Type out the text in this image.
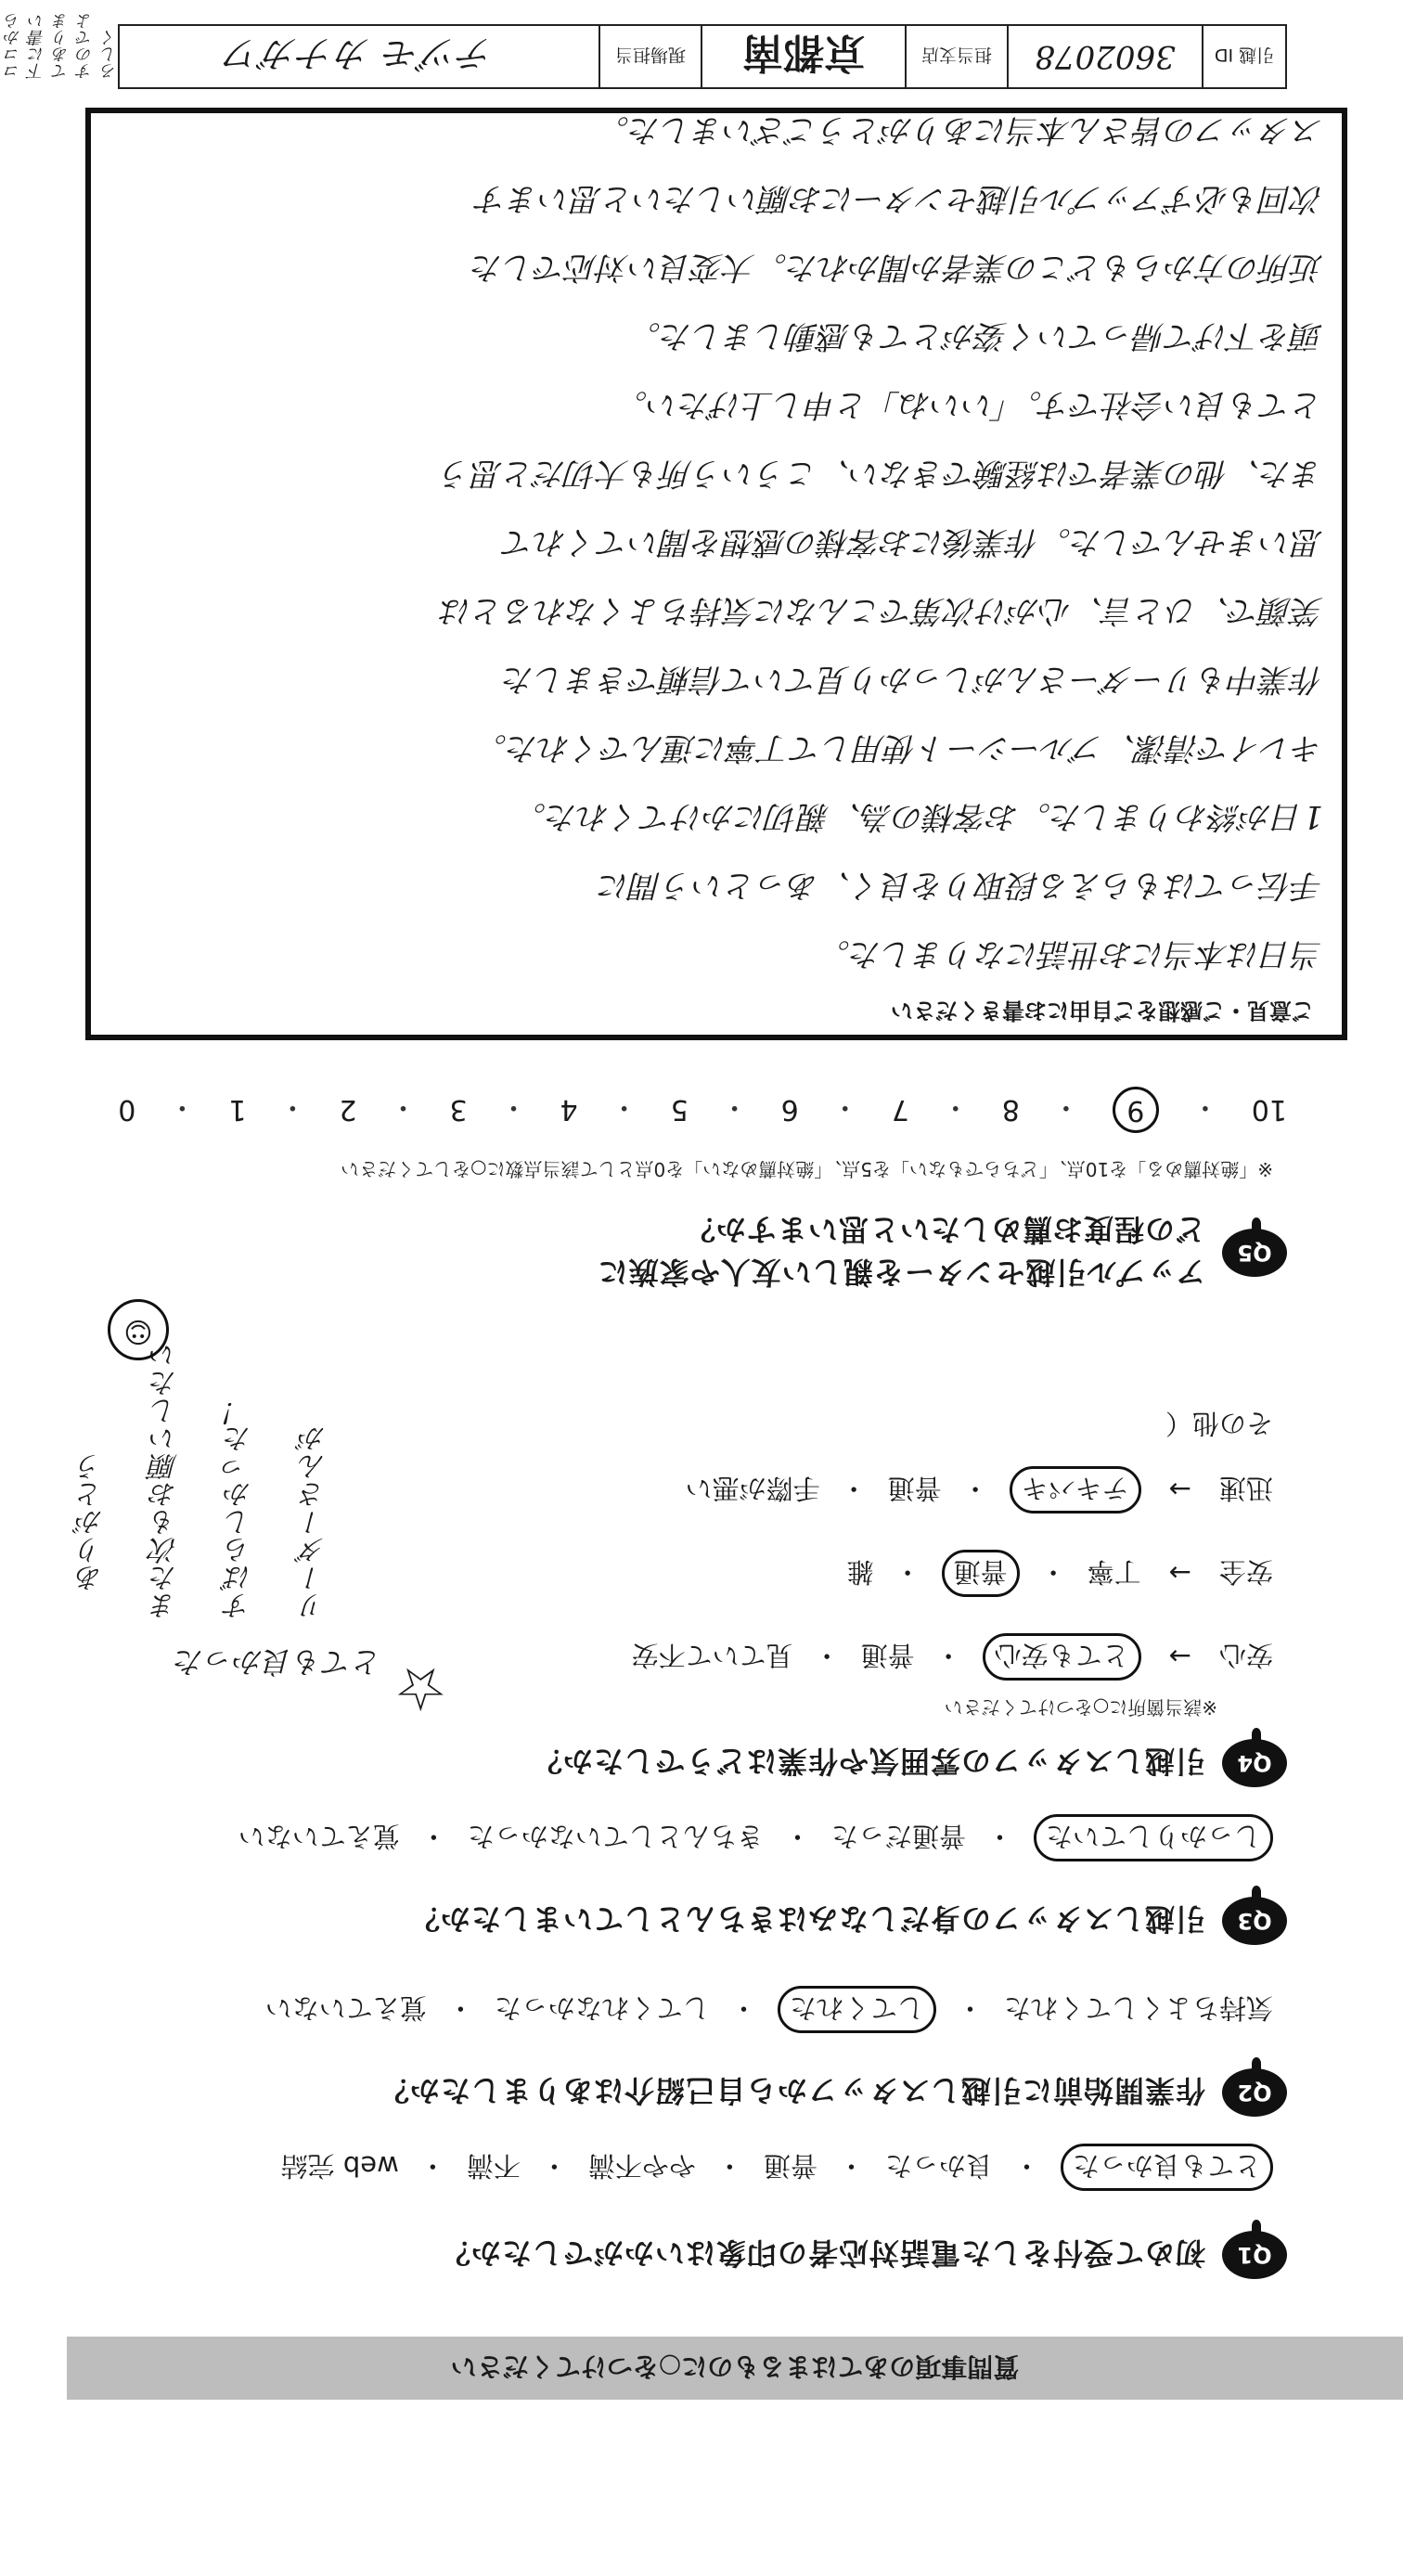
引越 ID
3602078
担当支店
京都南
現場担当
テヅモ カナガワ
ココから下に書いてありますのでよろしく
ご意見・ご感想をご自由にお書きください
当日は本当にお世話になりました。
手伝ってはもらえる段取りを良く、あっという間に
1日が終わりました。お客様の為、親切にかけてくれた。
キレイで清潔、ブルーシート使用して丁寧に運んでくれた。
作業中もリーダーさんがしっかり見ていて信頼できました
笑顔で、ひと言、心がけ次第でこんなに気持ちよくなれるとは
思いませんでした。作業後にお客様の感想を聞いてくれて
また、他の業者では経験できない、こういう所も大切だと思う
とても良い会社です。「いいね」と申し上げたい。
頭を下げて帰っていく姿がとても感動しました。
近所の方からもどこの業者か聞かれた。大変良い対応でした
次回も必ずアップル引越センターにお願いしたいと思います
スタッフの皆さん本当にありがとうございました。
10
・
9
・
8
・
7
・
6
・
5
・
4
・
3
・
2
・
1
・
0
※「絶対薦める」を10点、「どちらでもない」を5点、「絶対薦めない」を0点として該当点数に○をしてください
Q5
アップル引越センターを親しい友人や家族に
どの程度お薦めしたいと思いますか？
その他（
迅速
→
テキパキ
・
普通
・
手際が悪い
安全
→
丁寧
・
普通
・
雑
安心
→
とても安心
・
普通
・
見ていて不安
※該当箇所に○をつけてください
Q4
引越しスタッフの雰囲気や作業はどうでしたか？
しっかりしていた
・
普通だった
・
きちんとしていなかった
・
覚えていない
Q3
引越しスタッフの身だしなみはきちんとしていましたか？
気持ちよくしてくれた
・
してくれた
・
してくれなかった
・
覚えていない
Q2
作業開始前に引越しスタッフから自己紹介はありましたか？
とても良かった
・
良かった
・
普通
・
やや不満
・
不満
・
web 完結
Q1
初めて受付をした電話対応者の印象はいかがでしたか？
質問事項のあてはまるものに○をつけてください
☆
とても良かった
リーダーさんが
すばらしかった！
また次もお願いしたい
ありがとう
☺
